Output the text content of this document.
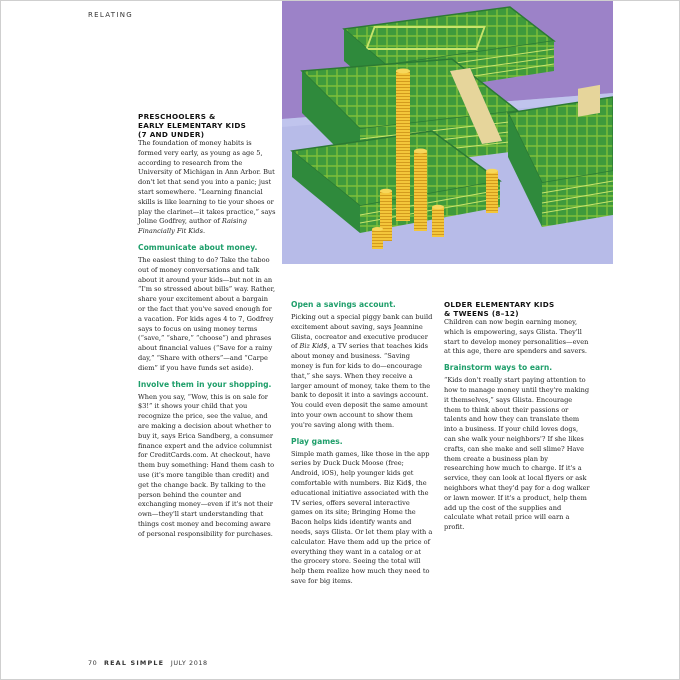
RELATING
PRESCHOOLERS &
EARLY ELEMENTARY KIDS
(7 AND UNDER)

The foundation of money habits is formed very early, as young as age 5, according to research from the University of Michigan in Ann Arbor. But don't let that send you into a panic; just start somewhere. “Learning financial skills is like learning to tie your shoes or play the clarinet—it takes practice,” says Joline Godfrey, author of Raising Financially Fit Kids.

Communicate about money.

The easiest thing to do? Take the taboo out of money conversations and talk about it around your kids—but not in an “I'm so stressed about bills” way. Rather, share your excitement about a bargain or the fact that you've saved enough for a vacation. For kids ages 4 to 7, Godfrey says to focus on using money terms (“save,” “share,” “choose”) and phrases about financial values (“Save for a rainy day,” “Share with others”—and “Carpe diem” if you have funds set aside).

Involve them in your shopping.

When you say, “Wow, this is on sale for $3!” it shows your child that you recognize the price, see the value, and are making a decision about whether to buy it, says Erica Sandberg, a consumer finance expert and the advice columnist for CreditCards.com. At checkout, have them buy something: Hand them cash to use (it's more tangible than credit) and get the change back. By talking to the person behind the counter and exchanging money—even if it's not their own—they'll start understanding that things cost money and becoming aware of personal responsibility for purchases.

Open a savings account.

Picking out a special piggy bank can build excitement about saving, says Jeannine Glista, cocreator and executive producer of Biz Kid$, a TV series that teaches kids about money and business. “Saving money is fun for kids to do—encourage that,” she says. When they receive a larger amount of money, take them to the bank to deposit it into a savings account. You could even deposit the same amount into your own account to show them you're saving along with them.

Play games.

Simple math games, like those in the app series by Duck Duck Moose (free; Android, iOS), help younger kids get comfortable with numbers. Biz Kid$, the educational initiative associated with the TV series, offers several interactive games on its site; Bringing Home the Bacon helps kids identify wants and needs, says Glista. Or let them play with a calculator. Have them add up the price of everything they want in a catalog or at the grocery store. Seeing the total will help them realize how much they need to save for big items.

OLDER ELEMENTARY KIDS
& TWEENS (8–12)

Children can now begin earning money, which is empowering, says Glista. They'll start to develop money personalities—even at this age, there are spenders and savers.

Brainstorm ways to earn.

“Kids don't really start paying attention to how to manage money until they're making it themselves,” says Glista. Encourage them to think about their passions or talents and how they can translate them into a business. If your child loves dogs, can she walk your neighbors'? If she likes crafts, can she make and sell slime? Have them create a business plan by researching how much to charge. If it's a service, they can look at local flyers or ask neighbors what they'd pay for a dog walker or lawn mower. If it's a product, help them add up the cost of the supplies and calculate what retail price will earn a profit.

70 REAL SIMPLE JULY 2018
